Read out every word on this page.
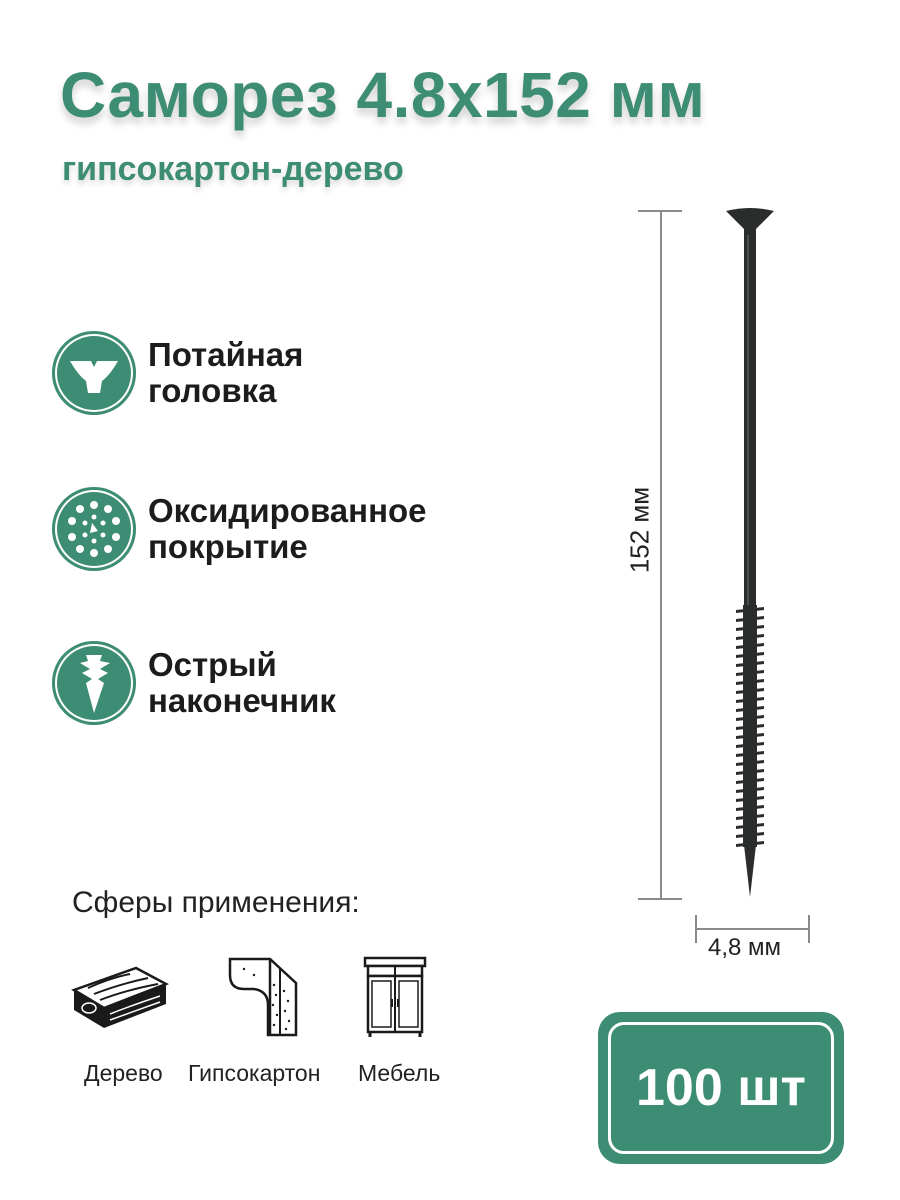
Саморез 4.8x152 мм
гипсокартон-дерево
Потайная
головка
Оксидированное
покрытие
Острый
наконечник
152 мм
4,8 мм
Сферы применения:
Дерево Гипсокартон Мебель	100 шт
